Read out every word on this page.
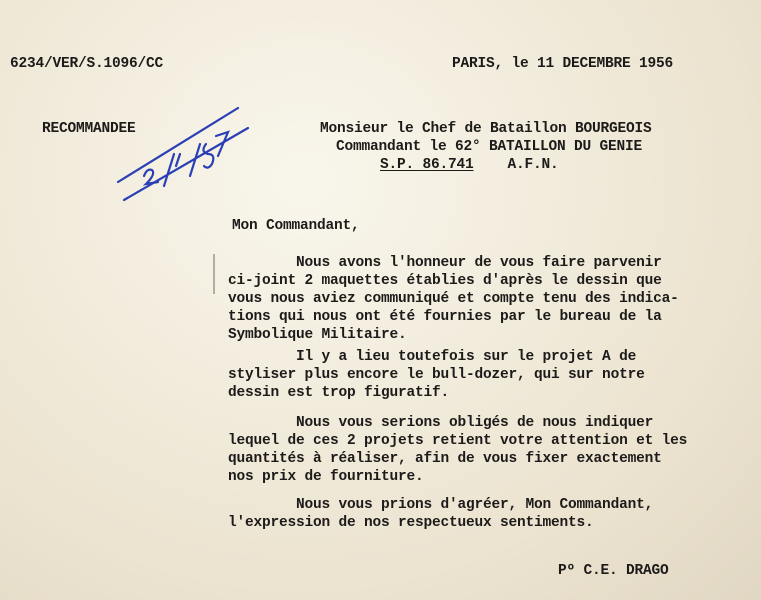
6234/VER/S.1096/CC	PARIS, le 11 DECEMBRE 1956
RECOMMANDEE	Monsieur le Chef de Bataillon BOURGEOIS
Commandant le 62° BATAILLON DU GENIE
S.P. 86.741 A.F.N.
3/1/57
Mon Commandant,
Nous avons l'honneur de vous faire parvenir
ci-joint 2 maquettes établies d'après le dessin que
vous nous aviez communiqué et compte tenu des indica-
tions qui nous ont été fournies par le bureau de la
Symbolique Militaire.
Il y a lieu toutefois sur le projet A de
styliser plus encore le bull-dozer, qui sur notre
dessin est trop figuratif.
Nous vous serions obligés de nous indiquer
lequel de ces 2 projets retient votre attention et les
quantités à réaliser, afin de vous fixer exactement
nos prix de fourniture.
Nous vous prions d'agréer, Mon Commandant,
l'expression de nos respectueux sentiments.
Pº C.E. DRAGO
